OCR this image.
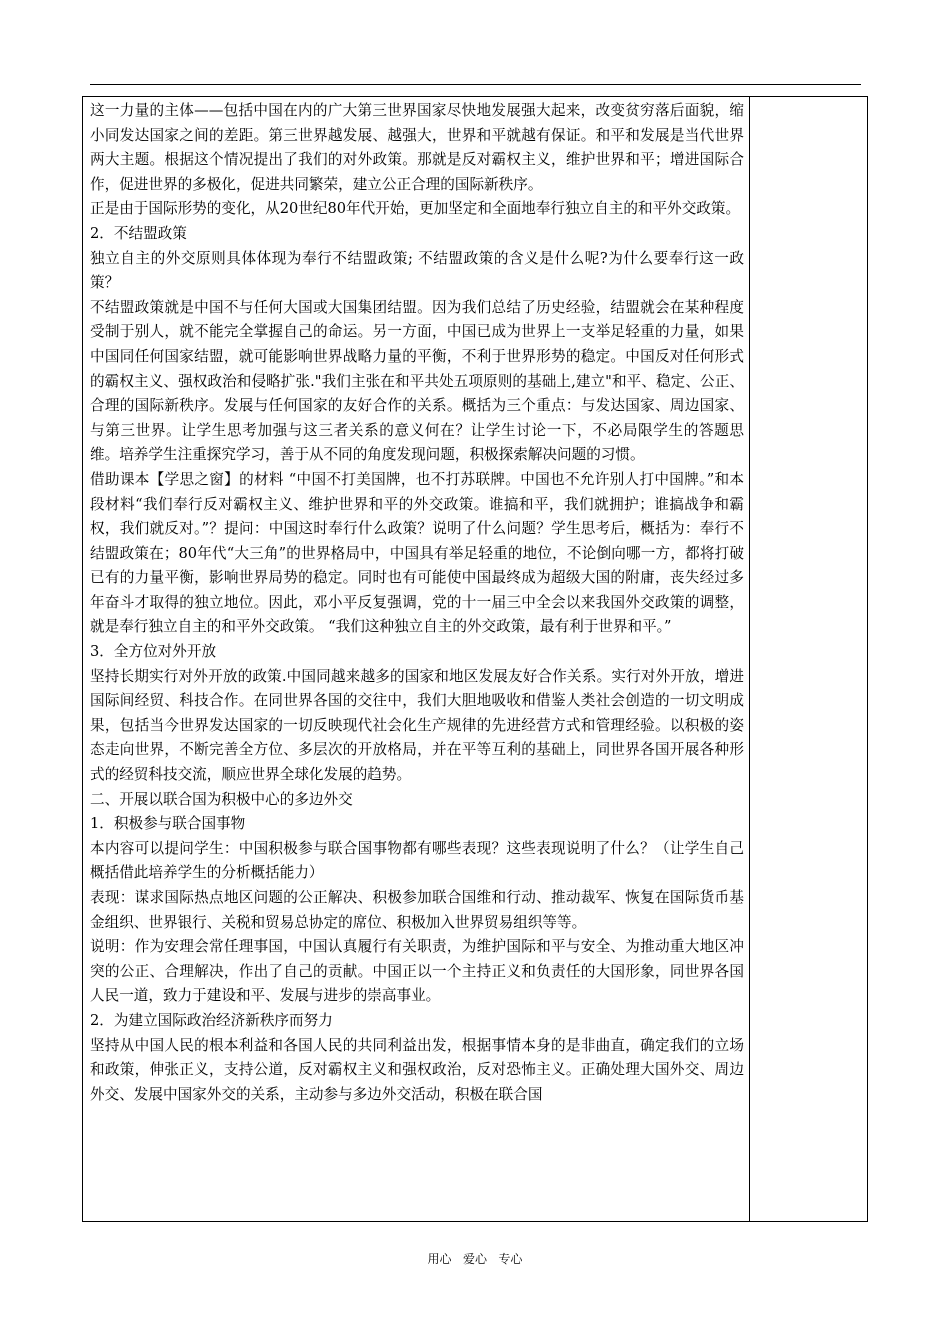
这一力量的主体——包括中国在内的广大第三世界国家尽快地发展强大起来，改变贫穷落后面貌，缩小同发达国家之间的差距。第三世界越发展、越强大，世界和平就越有保证。和平和发展是当代世界两大主题。根据这个情况提出了我们的对外政策。那就是反对霸权主义，维护世界和平；增进国际合作，促进世界的多极化，促进共同繁荣，建立公正合理的国际新秩序。

正是由于国际形势的变化，从20世纪80年代开始，更加坚定和全面地奉行独立自主的和平外交政策。

2．不结盟政策

独立自主的外交原则具体体现为奉行不结盟政策; 不结盟政策的含义是什么呢?为什么要奉行这一政策？

不结盟政策就是中国不与任何大国或大国集团结盟。因为我们总结了历史经验，结盟就会在某种程度受制于别人，就不能完全掌握自己的命运。另一方面，中国已成为世界上一支举足轻重的力量，如果中国同任何国家结盟，就可能影响世界战略力量的平衡，不利于世界形势的稳定。中国反对任何形式的霸权主义、强权政治和侵略扩张."我们主张在和平共处五项原则的基础上,建立"和平、稳定、公正、合理的国际新秩序。发展与任何国家的友好合作的关系。概括为三个重点：与发达国家、周边国家、与第三世界。让学生思考加强与这三者关系的意义何在？让学生讨论一下，不必局限学生的答题思维。培养学生注重探究学习，善于从不同的角度发现问题，积极探索解决问题的习惯。

借助课本【学思之窗】的材料 “中国不打美国牌，也不打苏联牌。中国也不允许别人打中国牌。”和本段材料“我们奉行反对霸权主义、维护世界和平的外交政策。谁搞和平，我们就拥护；谁搞战争和霸权，我们就反对。”？提问：中国这时奉行什么政策？说明了什么问题？学生思考后，概括为：奉行不结盟政策在；80年代“大三角”的世界格局中，中国具有举足轻重的地位，不论倒向哪一方，都将打破已有的力量平衡，影响世界局势的稳定。同时也有可能使中国最终成为超级大国的附庸，丧失经过多年奋斗才取得的独立地位。因此，邓小平反复强调，党的十一届三中全会以来我国外交政策的调整，就是奉行独立自主的和平外交政策。 “我们这种独立自主的外交政策，最有利于世界和平。”

3．全方位对外开放

坚持长期实行对外开放的政策.中国同越来越多的国家和地区发展友好合作关系。实行对外开放，增进国际间经贸、科技合作。在同世界各国的交往中，我们大胆地吸收和借鉴人类社会创造的一切文明成果，包括当今世界发达国家的一切反映现代社会化生产规律的先进经营方式和管理经验。以积极的姿态走向世界，不断完善全方位、多层次的开放格局，并在平等互利的基础上，同世界各国开展各种形式的经贸科技交流，顺应世界全球化发展的趋势。

二、开展以联合国为积极中心的多边外交

1．积极参与联合国事物

本内容可以提问学生：中国积极参与联合国事物都有哪些表现？这些表现说明了什么？（让学生自己概括借此培养学生的分析概括能力）

表现：谋求国际热点地区问题的公正解决、积极参加联合国维和行动、推动裁军、恢复在国际货币基金组织、世界银行、关税和贸易总协定的席位、积极加入世界贸易组织等等。

说明：作为安理会常任理事国，中国认真履行有关职责，为维护国际和平与安全、为推动重大地区冲突的公正、合理解决，作出了自己的贡献。中国正以一个主持正义和负责任的大国形象，同世界各国人民一道，致力于建设和平、发展与进步的崇高事业。

2．为建立国际政治经济新秩序而努力

坚持从中国人民的根本利益和各国人民的共同利益出发，根据事情本身的是非曲直，确定我们的立场和政策，伸张正义，支持公道，反对霸权主义和强权政治，反对恐怖主义。正确处理大国外交、周边外交、发展中国家外交的关系，主动参与多边外交活动，积极在联合国

用心   爱心   专心
